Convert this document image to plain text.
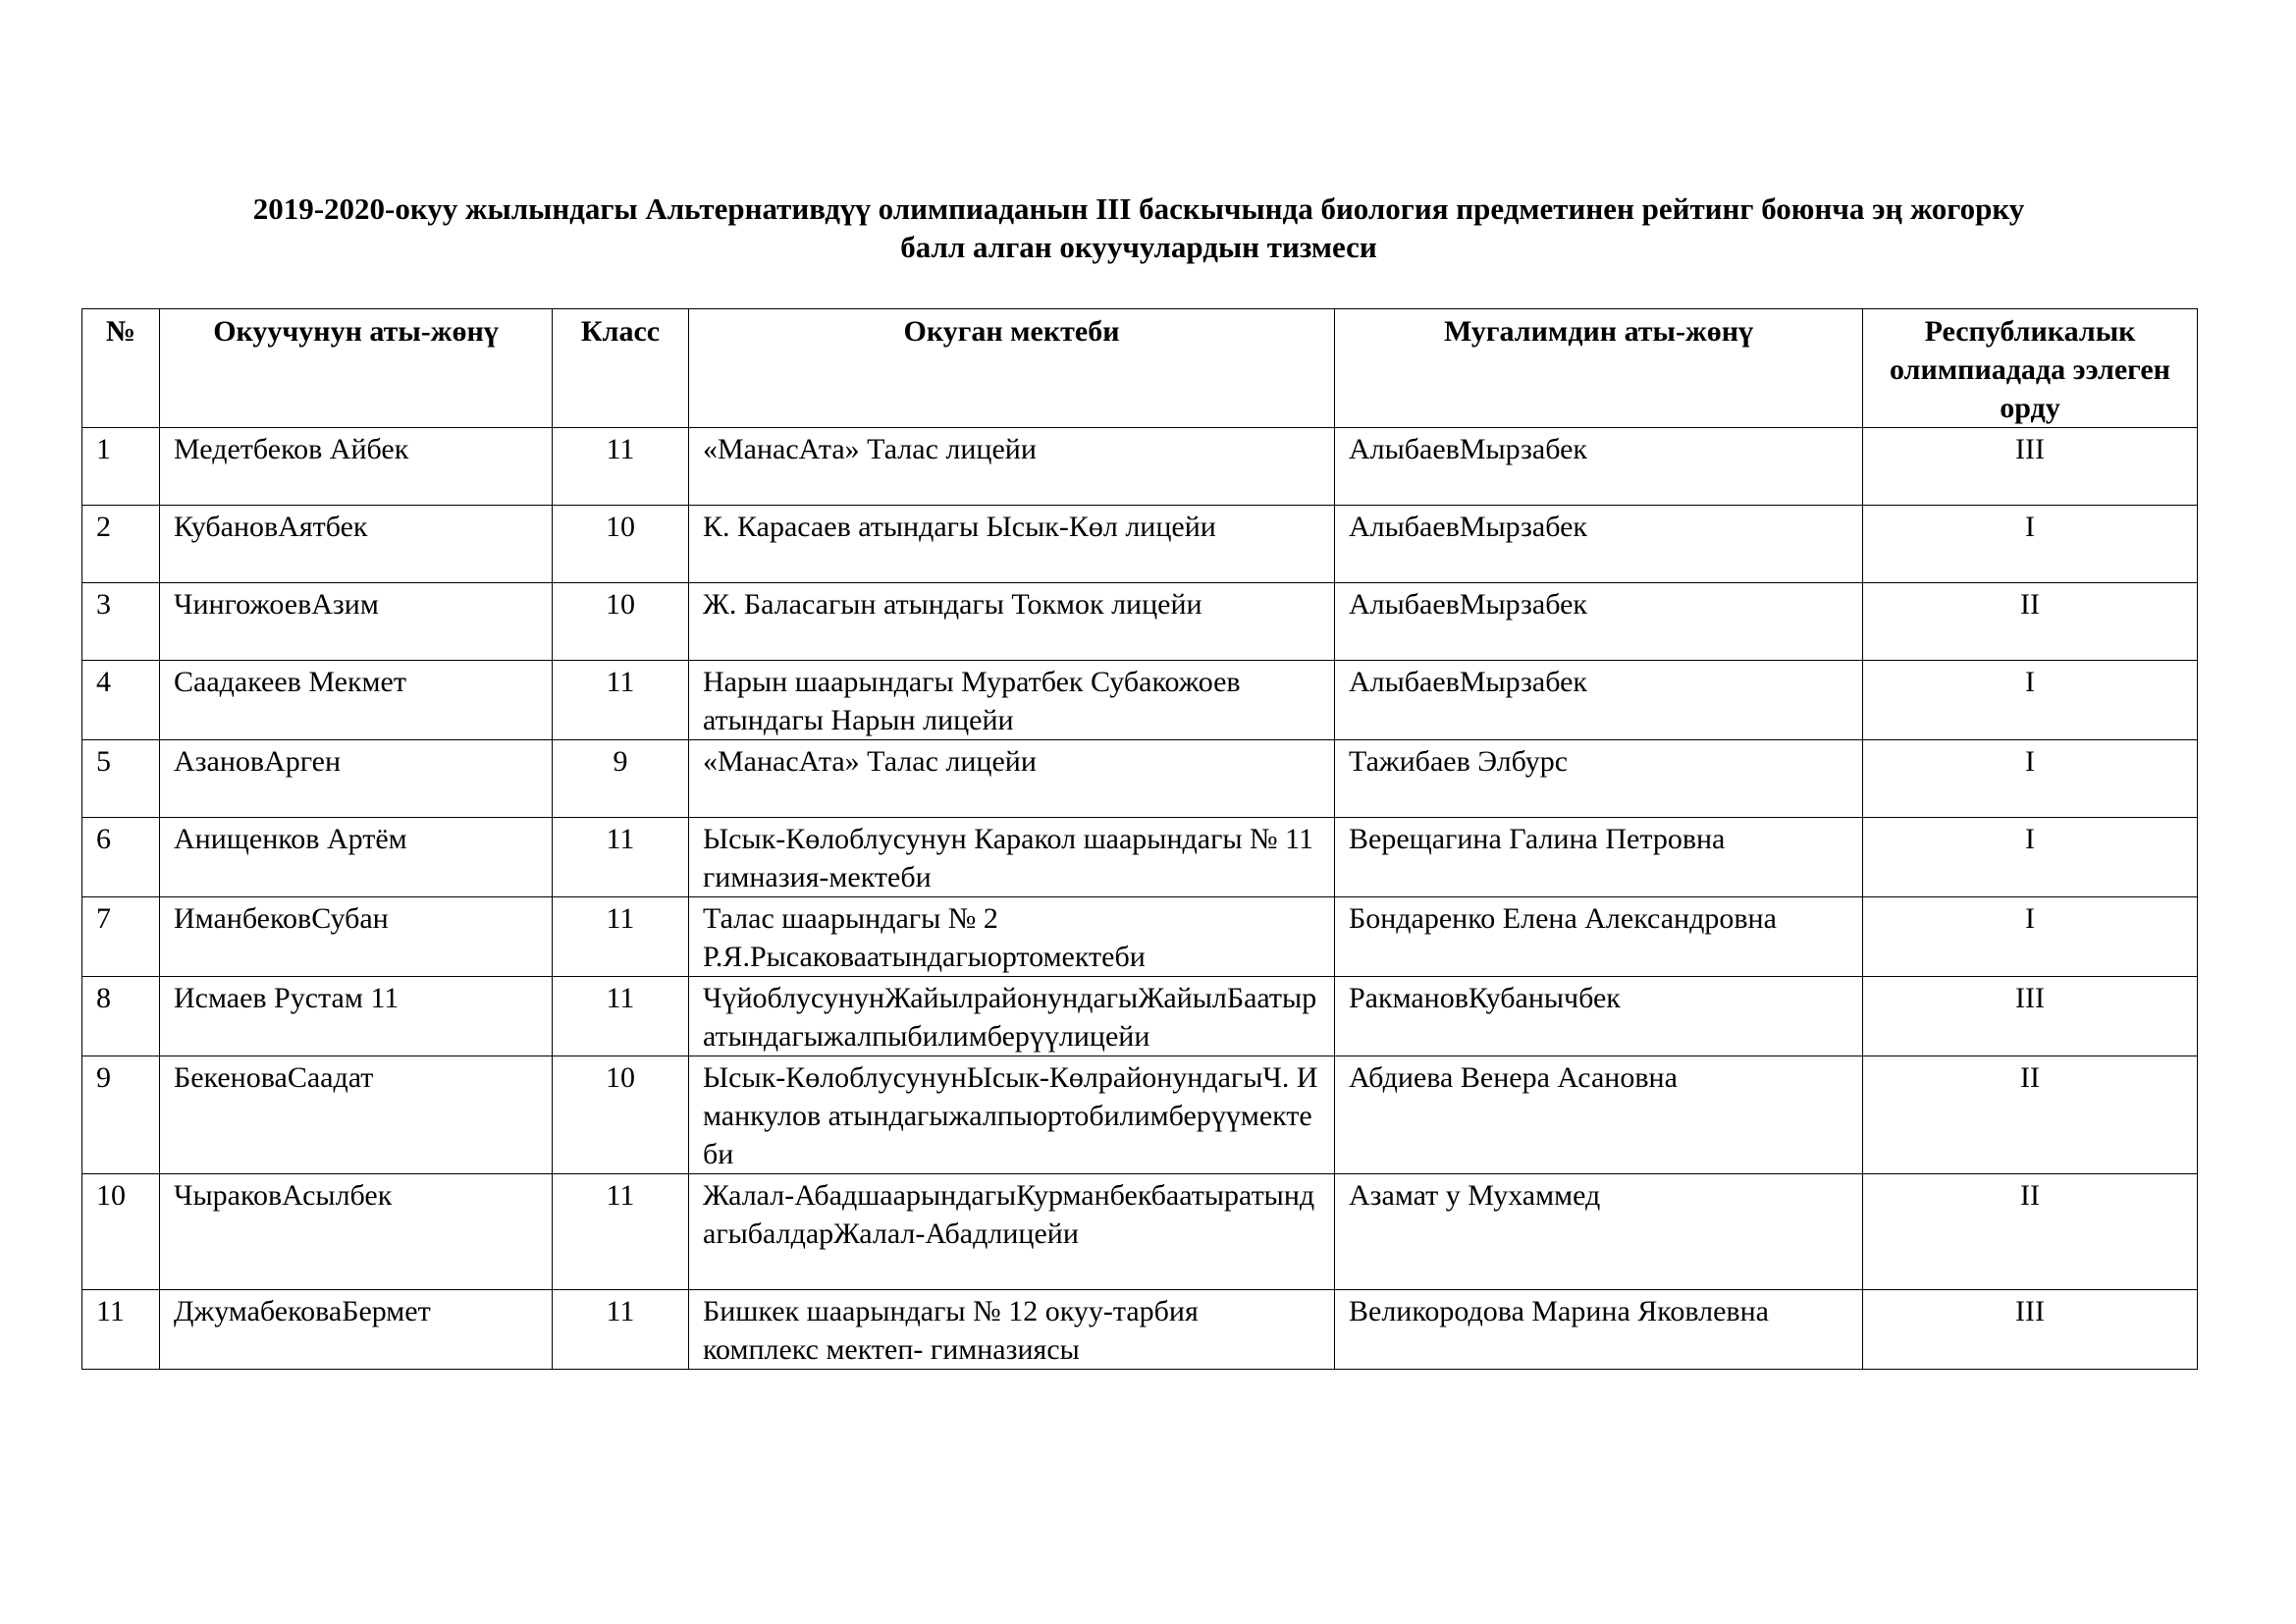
2019-2020-окуу жылындагы Альтернативдүү олимпиаданын III баскычында биология предметинен рейтинг боюнча эң жогорку
балл алган окуучулардын тизмеси
№	Окуучунун аты-жөнү	Класс	Окуган мектеби	Мугалимдин аты-жөнү	Республикалык олимпиадада ээлеген орду
1	Медетбеков Айбек	11	«МанасАта» Талас лицейи	АлыбаевМырзабек	III
2	КубановАятбек	10	К. Карасаев атындагы Ысык-Көл лицейи	АлыбаевМырзабек	I
3	ЧингожоевАзим	10	Ж. Баласагын атындагы Токмок лицейи	АлыбаевМырзабек	II
4	Саадакеев Мекмет	11	Нарын шаарындагы Муратбек Субакожоев атындагы Нарын лицейи	АлыбаевМырзабек	I
5	АзановАрген	9	«МанасАта» Талас лицейи	Тажибаев Элбурс	I
6	Анищенков Артём	11	Ысык-Көлоблусунун Каракол шаарындагы № 11 гимназия-мектеби	Верещагина Галина Петровна	I
7	ИманбековСубан	11	Талас шаарындагы № 2 Р.Я.Рысаковаатындагыортомектеби	Бондаренко Елена Александровна	I
8	Исмаев Рустам 11	11	ЧүйоблусунунЖайылрайонундагыЖайылБаатыратындагыжалпыбилимберүүлицейи	РакмановКубанычбек	III
9	БекеноваСаадат	10	Ысык-КөлоблусунунЫсык-КөлрайонундагыЧ. Иманкулов атындагыжалпыортобилимберүүмектеби	Абдиева Венера Асановна	II
10	ЧыраковАсылбек	11	Жалал-АбадшаарындагыКурманбекбаатыратындагыбалдарЖалал-Абадлицейи	Азамат у Мухаммед	II
11	ДжумабековаБермет	11	Бишкек шаарындагы № 12 окуу-тарбия комплекс мектеп- гимназиясы	Великородова Марина Яковлевна	III
